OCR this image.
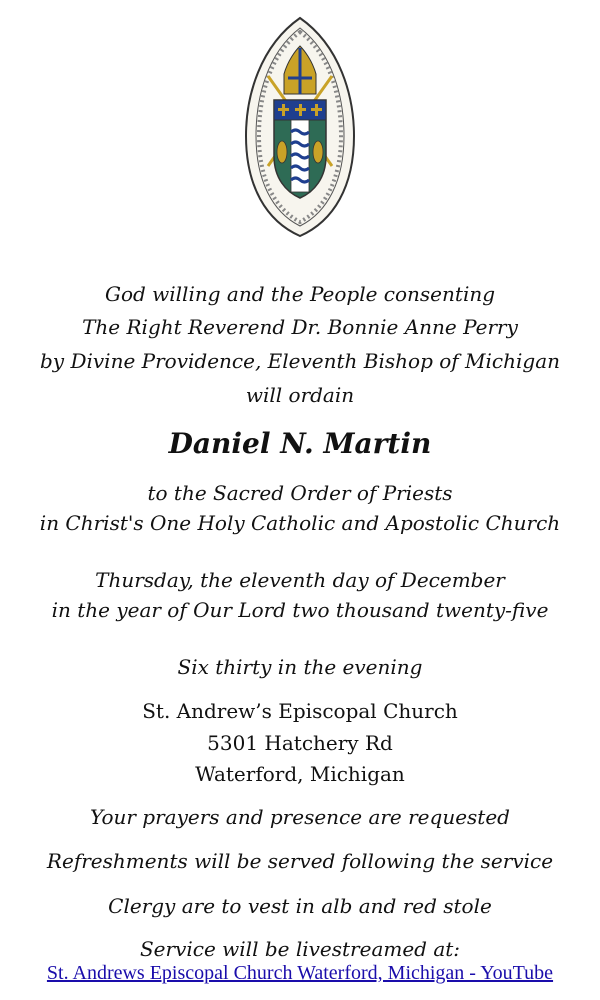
God willing and the People consenting
The Right Reverend Dr. Bonnie Anne Perry
by Divine Providence, Eleventh Bishop of Michigan
will ordain
Daniel N. Martin
to the Sacred Order of Priests
in Christ's One Holy Catholic and Apostolic Church
Thursday, the eleventh day of December
in the year of Our Lord two thousand twenty-five
Six thirty in the evening
St. Andrew’s Episcopal Church
5301 Hatchery Rd
Waterford, Michigan
Your prayers and presence are requested
Refreshments will be served following the service
Clergy are to vest in alb and red stole
Service will be livestreamed at:
St. Andrews Episcopal Church Waterford, Michigan - YouTube
